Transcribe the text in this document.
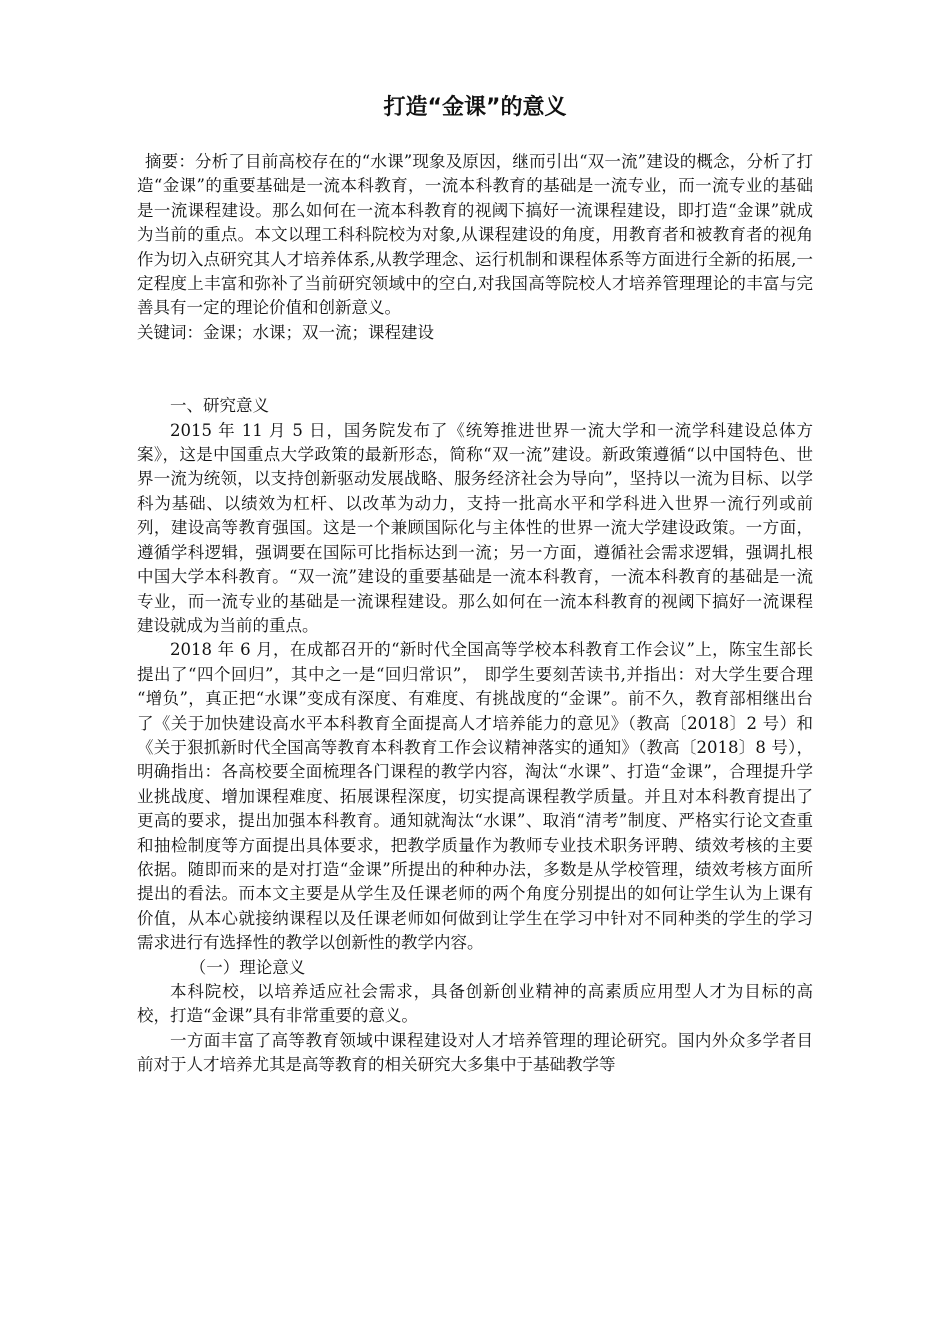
打造“金课”的意义

摘要：分析了目前高校存在的“水课”现象及原因，继而引出“双一流”建设的概念，分析了打造“金课”的重要基础是一流本科教育，一流本科教育的基础是一流专业，而一流专业的基础是一流课程建设。那么如何在一流本科教育的视阈下搞好一流课程建设，即打造“金课”就成为当前的重点。本文以理工科科院校为对象,从课程建设的角度，用教育者和被教育者的视角作为切入点研究其人才培养体系,从教学理念、运行机制和课程体系等方面进行全新的拓展,一定程度上丰富和弥补了当前研究领域中的空白,对我国高等院校人才培养管理理论的丰富与完善具有一定的理论价值和创新意义。

关键词：金课；水课；双一流；课程建设

一、研究意义

2015 年 11 月 5 日，国务院发布了《统筹推进世界一流大学和一流学科建设总体方案》，这是中国重点大学政策的最新形态，简称“双一流”建设。新政策遵循“以中国特色、世界一流为统领，以支持创新驱动发展战略、服务经济社会为导向”，坚持以一流为目标、以学科为基础、以绩效为杠杆、以改革为动力，支持一批高水平和学科进入世界一流行列或前列，建设高等教育强国。这是一个兼顾国际化与主体性的世界一流大学建设政策。一方面，遵循学科逻辑，强调要在国际可比指标达到一流；另一方面，遵循社会需求逻辑，强调扎根中国大学本科教育。“双一流”建设的重要基础是一流本科教育，一流本科教育的基础是一流专业，而一流专业的基础是一流课程建设。那么如何在一流本科教育的视阈下搞好一流课程建设就成为当前的重点。

2018 年 6 月，在成都召开的“新时代全国高等学校本科教育工作会议”上，陈宝生部长提出了“四个回归”，其中之一是“回归常识”， 即学生要刻苦读书,并指出：对大学生要合理 “增负”，真正把“水课”变成有深度、有难度、有挑战度的“金课”。前不久，教育部相继出台了《关于加快建设高水平本科教育全面提高人才培养能力的意见》（教高〔2018〕2 号）和《关于狠抓新时代全国高等教育本科教育工作会议精神落实的通知》（教高〔2018〕8 号），明确指出：各高校要全面梳理各门课程的教学内容，淘汰“水课”、打造“金课”，合理提升学业挑战度、增加课程难度、拓展课程深度，切实提高课程教学质量。并且对本科教育提出了更高的要求，提出加强本科教育。通知就淘汰“水课”、取消“清考”制度、严格实行论文查重和抽检制度等方面提出具体要求，把教学质量作为教师专业技术职务评聘、绩效考核的主要依据。随即而来的是对打造“金课”所提出的种种办法，多数是从学校管理，绩效考核方面所提出的看法。而本文主要是从学生及任课老师的两个角度分别提出的如何让学生认为上课有价值，从本心就接纳课程以及任课老师如何做到让学生在学习中针对不同种类的学生的学习需求进行有选择性的教学以创新性的教学内容。

（一）理论意义

本科院校，以培养适应社会需求，具备创新创业精神的高素质应用型人才为目标的高校，打造“金课”具有非常重要的意义。

一方面丰富了高等教育领域中课程建设对人才培养管理的理论研究。国内外众多学者目前对于人才培养尤其是高等教育的相关研究大多集中于基础教学等
